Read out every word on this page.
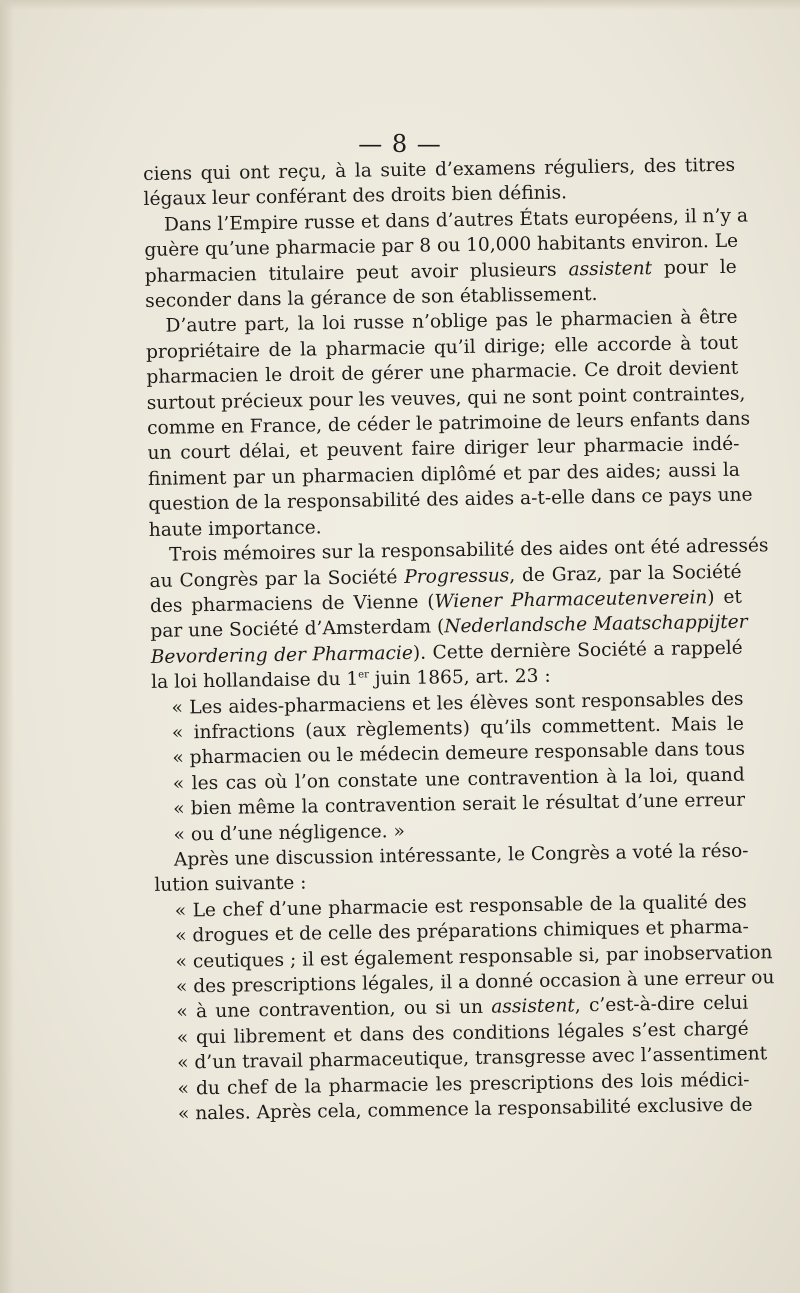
— 8 —
ciens qui ont reçu, à la suite d’examens réguliers, des titres
légaux leur conférant des droits bien définis.
Dans l’Empire russe et dans d’autres États européens, il n’y a
guère qu’une pharmacie par 8 ou 10,000 habitants environ. Le
pharmacien titulaire peut avoir plusieurs assistent pour le
seconder dans la gérance de son établissement.
D’autre part, la loi russe n’oblige pas le pharmacien à être
propriétaire de la pharmacie qu’il dirige; elle accorde à tout
pharmacien le droit de gérer une pharmacie. Ce droit devient
surtout précieux pour les veuves, qui ne sont point contraintes,
comme en France, de céder le patrimoine de leurs enfants dans
un court délai, et peuvent faire diriger leur pharmacie indé-
finiment par un pharmacien diplômé et par des aides; aussi la
question de la responsabilité des aides a-t-elle dans ce pays une
haute importance.
Trois mémoires sur la responsabilité des aides ont été adressés
au Congrès par la Société Progressus, de Graz, par la Société
des pharmaciens de Vienne (Wiener Pharmaceutenverein) et
par une Société d’Amsterdam (Nederlandsche Maatschappijter
Bevordering der Pharmacie). Cette dernière Société a rappelé
la loi hollandaise du 1er juin 1865, art. 23 :
« Les aides-pharmaciens et les élèves sont responsables des
« infractions (aux règlements) qu’ils commettent. Mais le
« pharmacien ou le médecin demeure responsable dans tous
« les cas où l’on constate une contravention à la loi, quand
« bien même la contravention serait le résultat d’une erreur
« ou d’une négligence. »
Après une discussion intéressante, le Congrès a voté la réso-
lution suivante :
« Le chef d’une pharmacie est responsable de la qualité des
« drogues et de celle des préparations chimiques et pharma-
« ceutiques ; il est également responsable si, par inobservation
« des prescriptions légales, il a donné occasion à une erreur ou
« à une contravention, ou si un assistent, c’est-à-dire celui
« qui librement et dans des conditions légales s’est chargé
« d’un travail pharmaceutique, transgresse avec l’assentiment
« du chef de la pharmacie les prescriptions des lois médici-
« nales. Après cela, commence la responsabilité exclusive de
